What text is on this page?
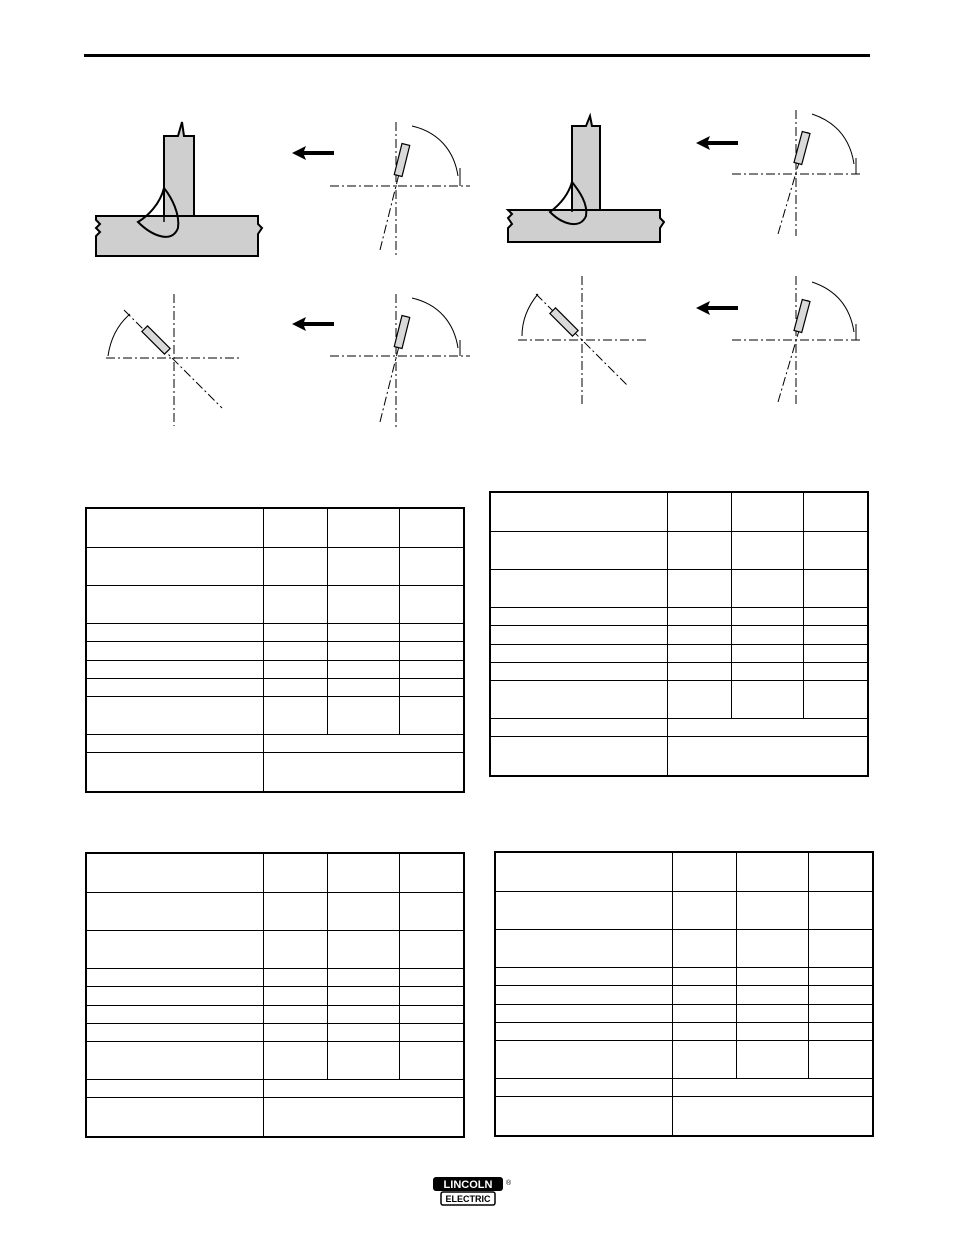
LINCOLN
ELECTRIC
®
